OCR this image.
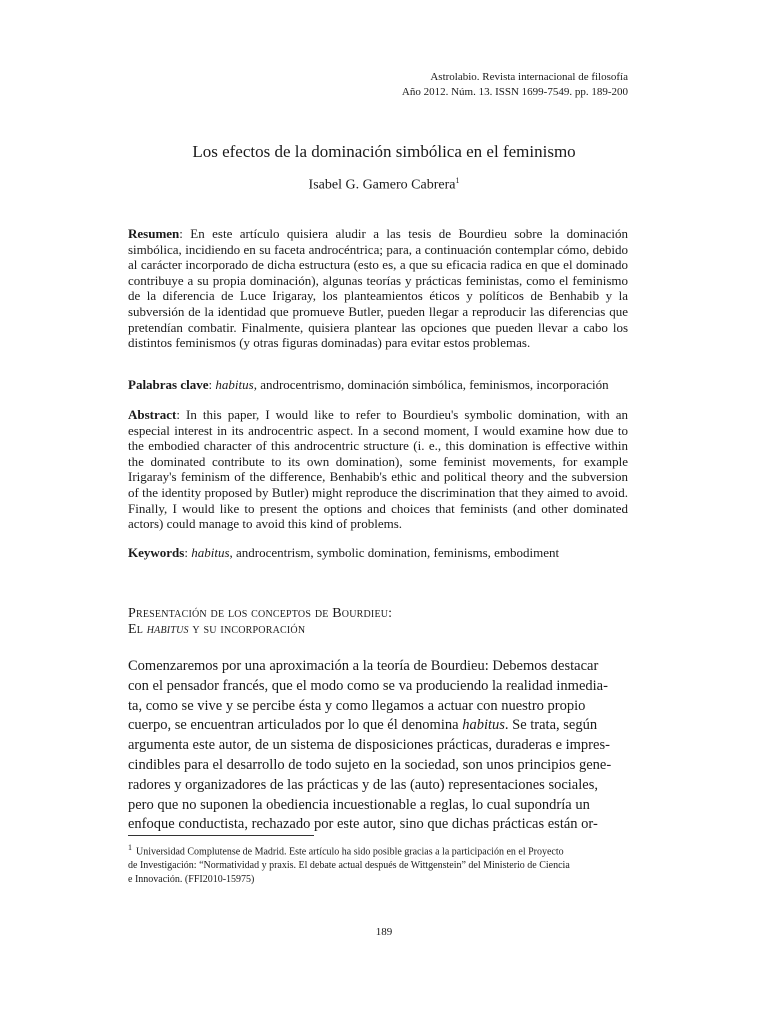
Astrolabio. Revista internacional de filosofía
Año 2012. Núm. 13. ISSN 1699-7549. pp. 189-200
Los efectos de la dominación simbólica en el feminismo
Isabel G. Gamero Cabrera$^1$
Resumen: En este artículo quisiera aludir a las tesis de Bourdieu sobre la dominación simbólica, incidiendo en su faceta androcéntrica; para, a continuación contemplar cómo, debido al carácter incorporado de dicha estructura (esto es, a que su eficacia radica en que el dominado contribuye a su propia dominación), algunas teorías y prácticas feministas, como el feminismo de la diferencia de Luce Irigaray, los planteamientos éticos y políticos de Benhabib y la subversión de la identidad que promueve Butler, pueden llegar a reproducir las diferencias que pretendían combatir. Finalmente, quisiera plantear las opciones que pueden llevar a cabo los distintos feminismos (y otras figuras dominadas) para evitar estos problemas.
Palabras clave: habitus, androcentrismo, dominación simbólica, feminismos, incorporación
Abstract: In this paper, I would like to refer to Bourdieu's symbolic domination, with an especial interest in its androcentric aspect. In a second moment, I would examine how due to the embodied character of this androcentric structure (i. e., this domination is effective within the dominated contribute to its own domination), some feminist movements, for example Irigaray's feminism of the difference, Benhabib's ethic and political theory and the subversion of the identity proposed by Butler) might reproduce the discrimination that they aimed to avoid. Finally, I would like to present the options and choices that feminists (and other dominated actors) could manage to avoid this kind of problems.
Keywords: habitus, androcentrism, symbolic domination, feminisms, embodiment
Presentación de los conceptos de Bourdieu:
El habitus y su incorporación
Comenzaremos por una aproximación a la teoría de Bourdieu: Debemos destacar
con el pensador francés, que el modo como se va produciendo la realidad inmedia-
ta, como se vive y se percibe ésta y como llegamos a actuar con nuestro propio
cuerpo, se encuentran articulados por lo que él denomina habitus. Se trata, según
argumenta este autor, de un sistema de disposiciones prácticas, duraderas e impres-
cindibles para el desarrollo de todo sujeto en la sociedad, son unos principios gene-
radores y organizadores de las prácticas y de las (auto) representaciones sociales,
pero que no suponen la obediencia incuestionable a reglas, lo cual supondría un
enfoque conductista, rechazado por este autor, sino que dichas prácticas están or-
$^1$ Universidad Complutense de Madrid. Este artículo ha sido posible gracias a la participación en el Proyecto
de Investigación: “Normatividad y praxis. El debate actual después de Wittgenstein” del Ministerio de Ciencia
e Innovación. (FFI2010-15975)
189
